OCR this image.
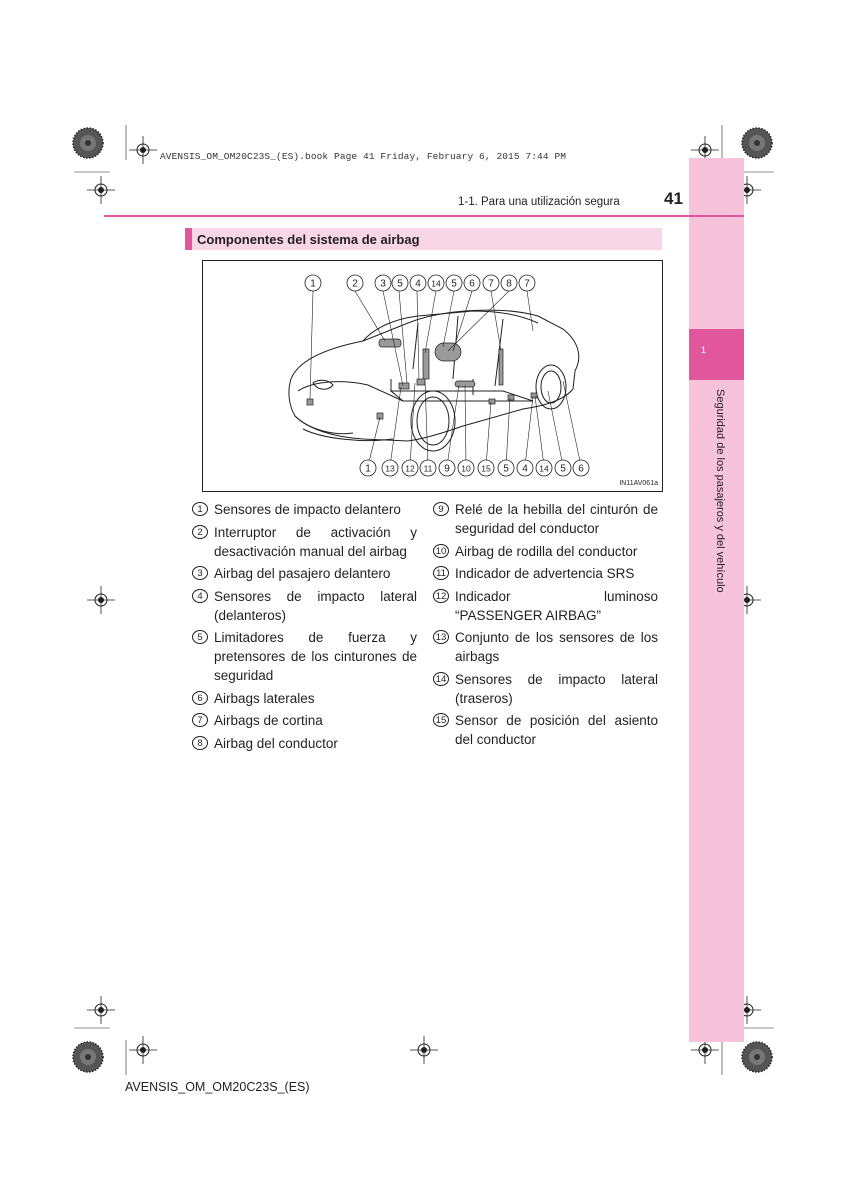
AVENSIS_OM_OM20C23S_(ES).book Page 41 Friday, February 6, 2015 7:44 PM
1
Seguridad de los pasajeros y del vehículo
1-1. Para una utilización segura	41
Componentes del sistema de airbag
1	2 3 5 4 14 5 6 7 8 7
1 13 12 11 9 10 15 5 4 14 5 6
IN11AV061a
1 Sensores de impacto delantero
2 Interruptor de activación y desactivación manual del airbag
3 Airbag del pasajero delantero
4 Sensores de impacto lateral (delanteros)
5 Limitadores de fuerza y pretensores de los cinturones de seguridad
6 Airbags laterales
7 Airbags de cortina
8 Airbag del conductor
9 Relé de la hebilla del cinturón de seguridad del conductor
10 Airbag de rodilla del conductor
11 Indicador de advertencia SRS
12 Indicador luminoso “PASSENGER AIRBAG”
13 Conjunto de los sensores de los airbags
14 Sensores de impacto lateral (traseros)
15 Sensor de posición del asiento del conductor
AVENSIS_OM_OM20C23S_(ES)
